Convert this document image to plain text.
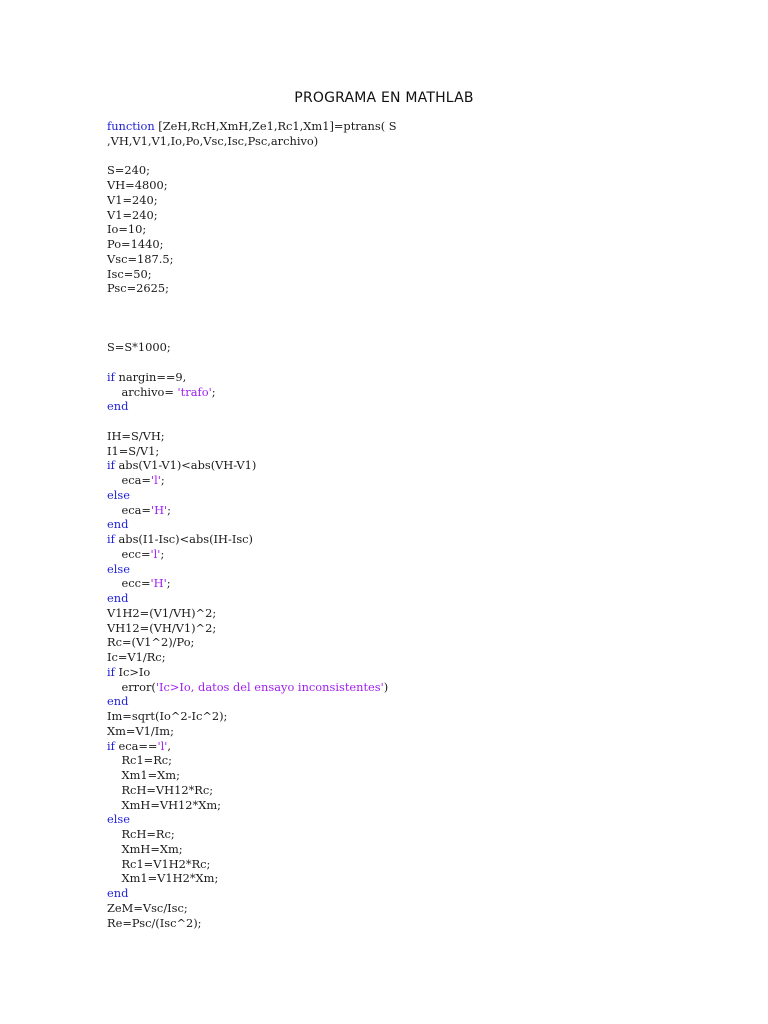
PROGRAMA EN MATHLAB
function [ZeH,RcH,XmH,Ze1,Rc1,Xm1]=ptrans( S
,VH,V1,V1,Io,Po,Vsc,Isc,Psc,archivo)

S=240;
VH=4800;
V1=240;
V1=240;
Io=10;
Po=1440;
Vsc=187.5;
Isc=50;
Psc=2625;

S=S*1000;

if nargin==9,
archivo= 'trafo';
end

IH=S/VH;
I1=S/V1;
if abs(V1-V1)<abs(VH-V1)
eca='l';
else
eca='H';
end
if abs(I1-Isc)<abs(IH-Isc)
ecc='l';
else
ecc='H';
end
V1H2=(V1/VH)^2;
VH12=(VH/V1)^2;
Rc=(V1^2)/Po;
Ic=V1/Rc;
if Ic>Io
error('Ic>Io, datos del ensayo inconsistentes')
end
Im=sqrt(Io^2-Ic^2);
Xm=V1/Im;
if eca=='l',
Rc1=Rc;
Xm1=Xm;
RcH=VH12*Rc;
XmH=VH12*Xm;
else
RcH=Rc;
XmH=Xm;
Rc1=V1H2*Rc;
Xm1=V1H2*Xm;
end
ZeM=Vsc/Isc;
Re=Psc/(Isc^2);
